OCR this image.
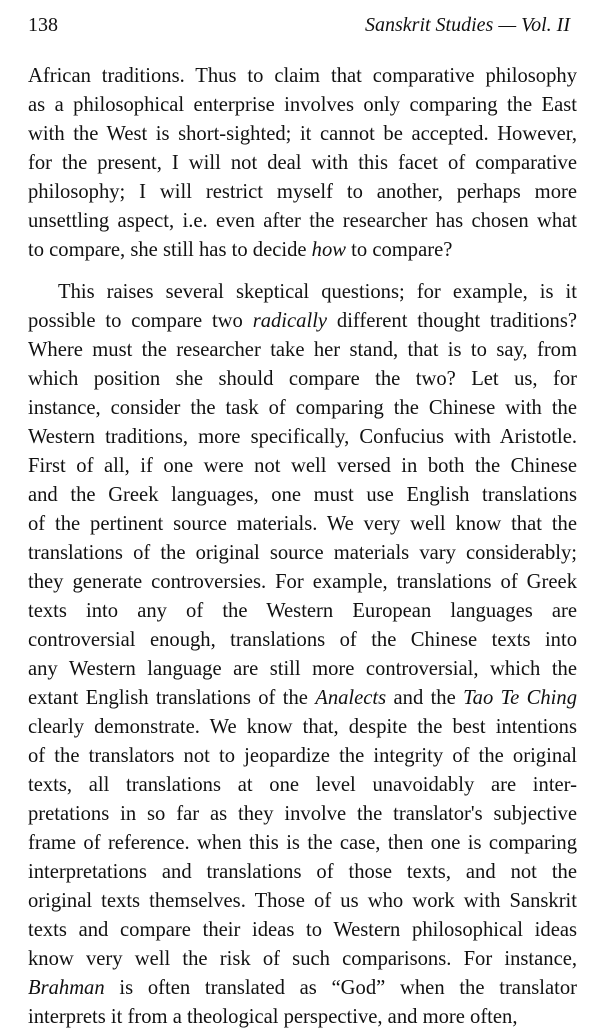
138	Sanskrit Studies — Vol. II
African traditions. Thus to claim that comparative philosophy
as a philosophical enterprise involves only comparing the East
with the West is short-sighted; it cannot be accepted. However,
for the present, I will not deal with this facet of comparative
philosophy; I will restrict myself to another, perhaps more
unsettling aspect, i.e. even after the researcher has chosen what
to compare, she still has to decide how to compare?
This raises several skeptical questions; for example, is it
possible to compare two radically different thought traditions?
Where must the researcher take her stand, that is to say, from
which position she should compare the two? Let us, for
instance, consider the task of comparing the Chinese with the
Western traditions, more specifically, Confucius with Aristotle.
First of all, if one were not well versed in both the Chinese
and the Greek languages, one must use English translations
of the pertinent source materials. We very well know that the
translations of the original source materials vary considerably;
they generate controversies. For example, translations of Greek
texts into any of the Western European languages are
controversial enough, translations of the Chinese texts into
any Western language are still more controversial, which the
extant English translations of the Analects and the Tao Te Ching
clearly demonstrate. We know that, despite the best intentions
of the translators not to jeopardize the integrity of the original
texts, all translations at one level unavoidably are inter-
pretations in so far as they involve the translator's subjective
frame of reference. when this is the case, then one is comparing
interpretations and translations of those texts, and not the
original texts themselves. Those of us who work with Sanskrit
texts and compare their ideas to Western philosophical ideas
know very well the risk of such comparisons. For instance,
Brahman is often translated as “God” when the translator
interprets it from a theological perspective, and more often,
